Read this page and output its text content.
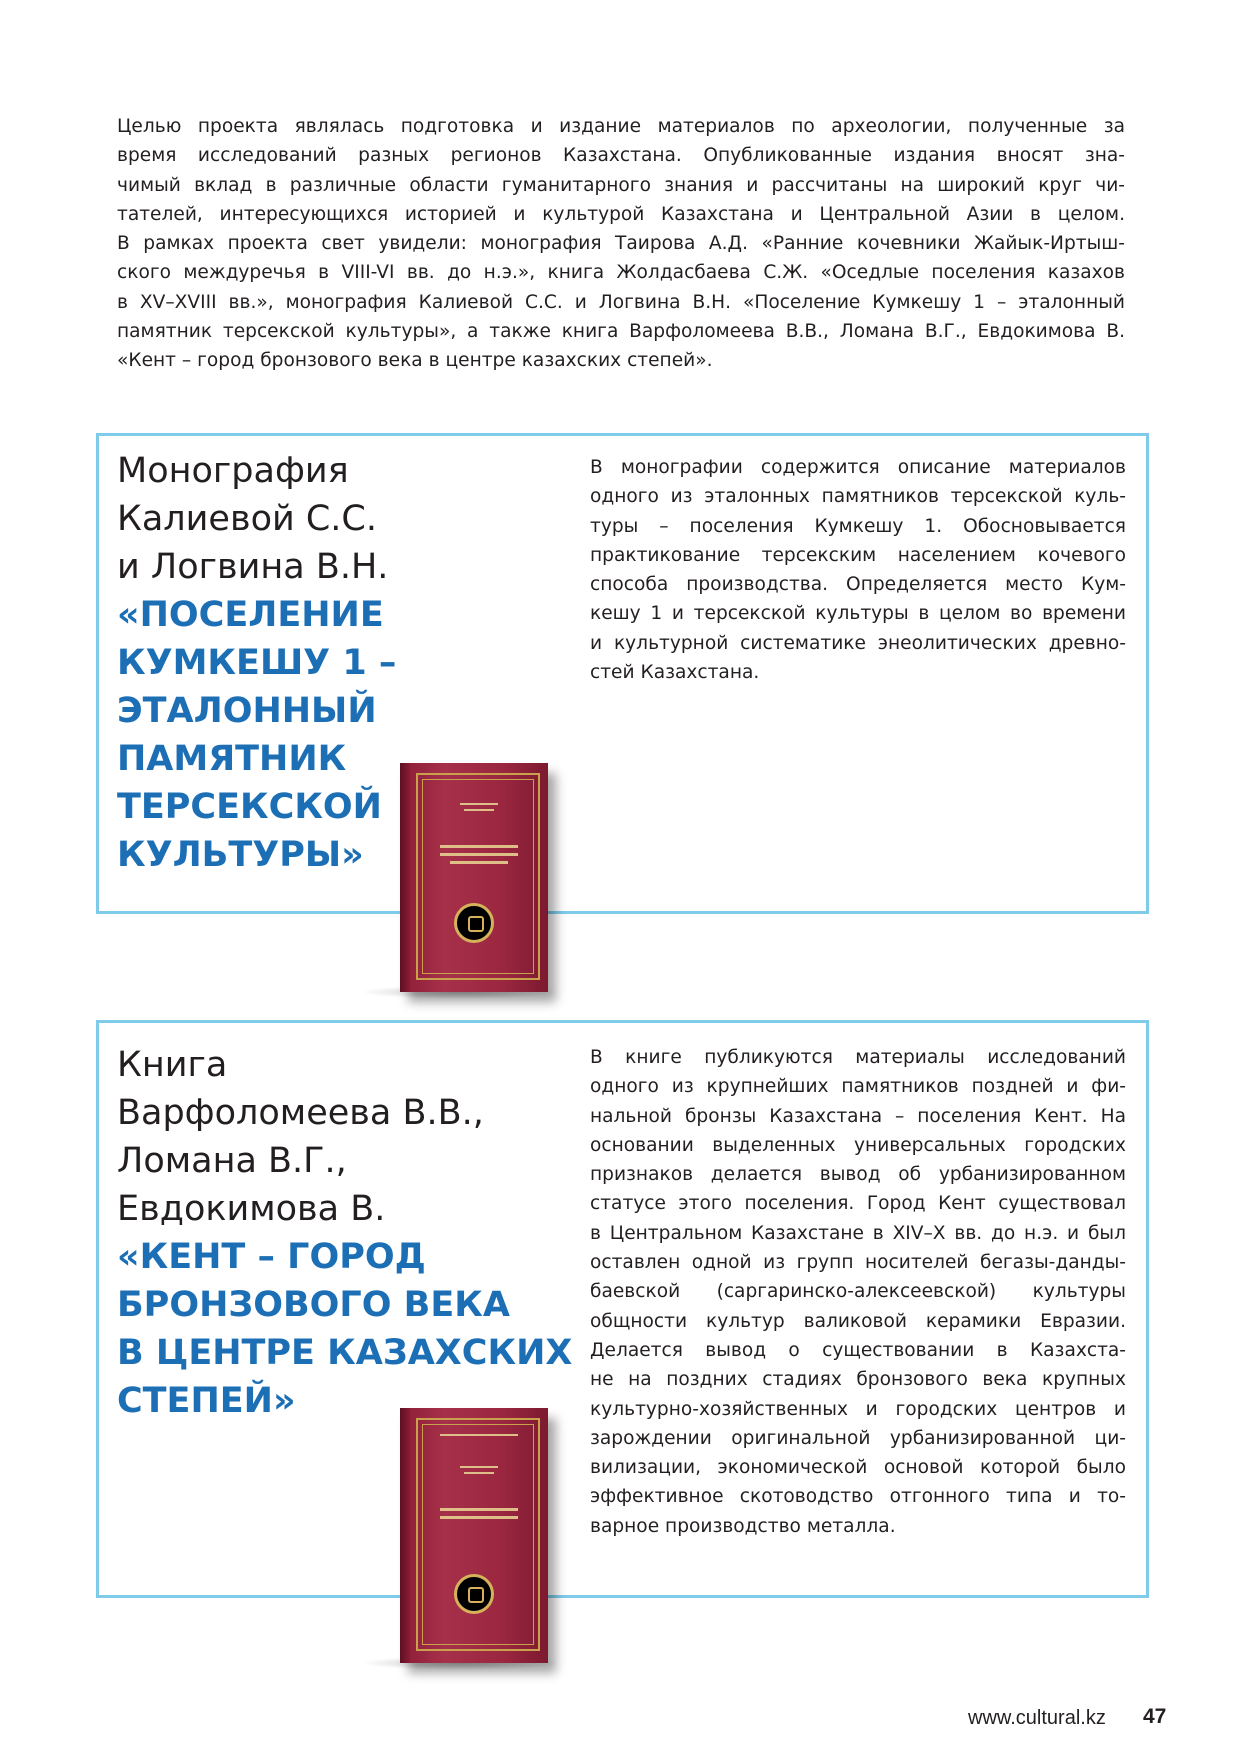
Целью проекта являлась подготовка и издание материалов по археологии, полученные за
время исследований разных регионов Казахстана. Опубликованные издания вносят зна-
чимый вклад в различные области гуманитарного знания и рассчитаны на широкий круг чи-
тателей, интересующихся историей и культурой Казахстана и Центральной Азии в целом.
В рамках проекта свет увидели: монография Таирова А.Д. «Ранние кочевники Жайык-Иртыш-
ского междуречья в VIII-VI вв. до н.э.», книга Жолдасбаева С.Ж. «Оседлые поселения казахов
в XV–XVIII вв.», монография Калиевой С.С. и Логвина В.Н. «Поселение Кумкешу 1 – эталонный
памятник терсекской культуры», а также книга Варфоломеева В.В., Ломана В.Г., Евдокимова В.
«Кент – город бронзового века в центре казахских степей».
Монография
Калиевой С.С.
и Логвина В.Н.
«ПОСЕЛЕНИЕ
КУМКЕШУ 1 –
ЭТАЛОННЫЙ
ПАМЯТНИК
ТЕРСЕКСКОЙ
КУЛЬТУРЫ»
В монографии содержится описание материалов
одного из эталонных памятников терсекской куль-
туры – поселения Кумкешу 1. Обосновывается
практикование терсекским населением кочевого
способа производства. Определяется место Кум-
кешу 1 и терсекской культуры в целом во времени
и культурной систематике энеолитических древно-
стей Казахстана.
Книга
Варфоломеева В.В.,
Ломана В.Г.,
Евдокимова В.
«КЕНТ – ГОРОД
БРОНЗОВОГО ВЕКА
В ЦЕНТРЕ КАЗАХСКИХ
СТЕПЕЙ»
В книге публикуются материалы исследований
одного из крупнейших памятников поздней и фи-
нальной бронзы Казахстана – поселения Кент. На
основании выделенных универсальных городских
признаков делается вывод об урбанизированном
статусе этого поселения. Город Кент существовал
в Центральном Казахстане в XIV–X вв. до н.э. и был
оставлен одной из групп носителей бегазы-данды-
баевской (саргаринско-алексеевской) культуры
общности культур валиковой керамики Евразии.
Делается вывод о существовании в Казахста-
не на поздних стадиях бронзового века крупных
культурно-хозяйственных и городских центров и
зарождении оригинальной урбанизированной ци-
вилизации, экономической основой которой было
эффективное скотоводство отгонного типа и то-
варное производство металла.
www.cultural.kz 47
